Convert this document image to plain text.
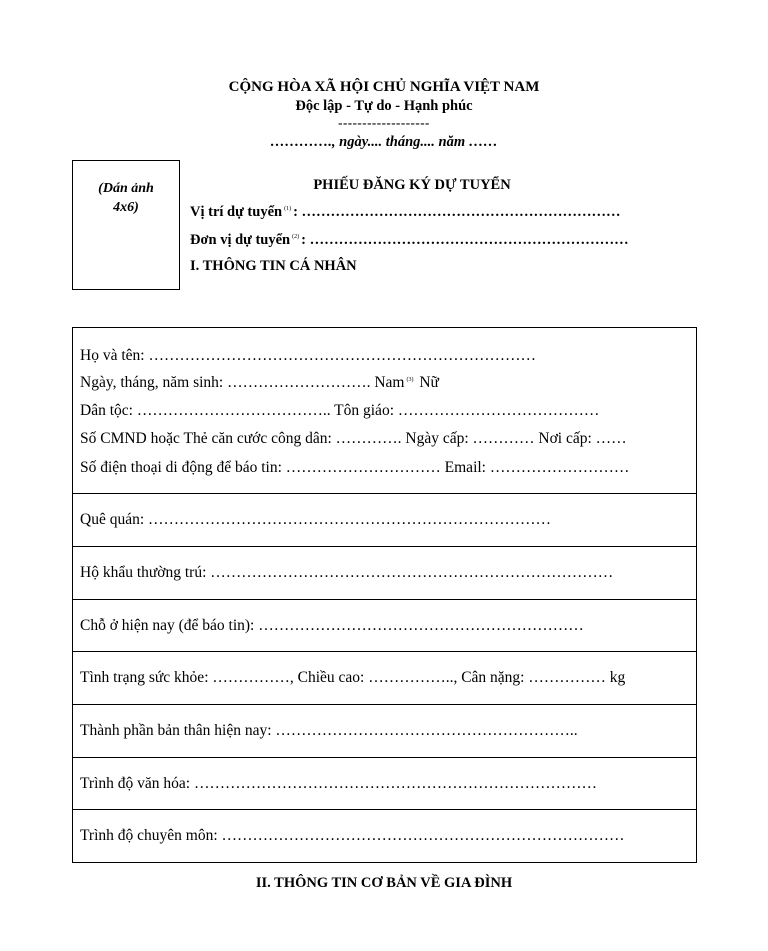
CỘNG HÒA XÃ HỘI CHỦ NGHĨA VIỆT NAM
Độc lập - Tự do - Hạnh phúc
-------------------
…………., ngày.... tháng.... năm ……
(Dán ảnh
4x6)
PHIẾU ĐĂNG KÝ DỰ TUYỂN
Vị trí dự tuyển $^{(1)}$ : …………………………………………………………
Đơn vị dự tuyển $^{(2)}$ : …………………………………………………………
I. THÔNG TIN CÁ NHÂN
Họ và tên: …………………………………………………………………
Ngày, tháng, năm sinh: ………………………. Nam $^{(3)}$ Nữ
Dân tộc: ……………………………….. Tôn giáo: …………………………………
Số CMND hoặc Thẻ căn cước công dân: …………. Ngày cấp: ………… Nơi cấp: ……
Số điện thoại di động để báo tin: ………………………… Email: ………………………
Quê quán: ……………………………………………………………………
Hộ khẩu thường trú: ……………………………………………………………………
Chỗ ở hiện nay (để báo tin): ………………………………………………………
Tình trạng sức khỏe: ……………, Chiều cao: …………….., Cân nặng: …………… kg
Thành phần bản thân hiện nay: …………………………………………………..
Trình độ văn hóa: ……………………………………………………………………
Trình độ chuyên môn: ……………………………………………………………………
II. THÔNG TIN CƠ BẢN VỀ GIA ĐÌNH
